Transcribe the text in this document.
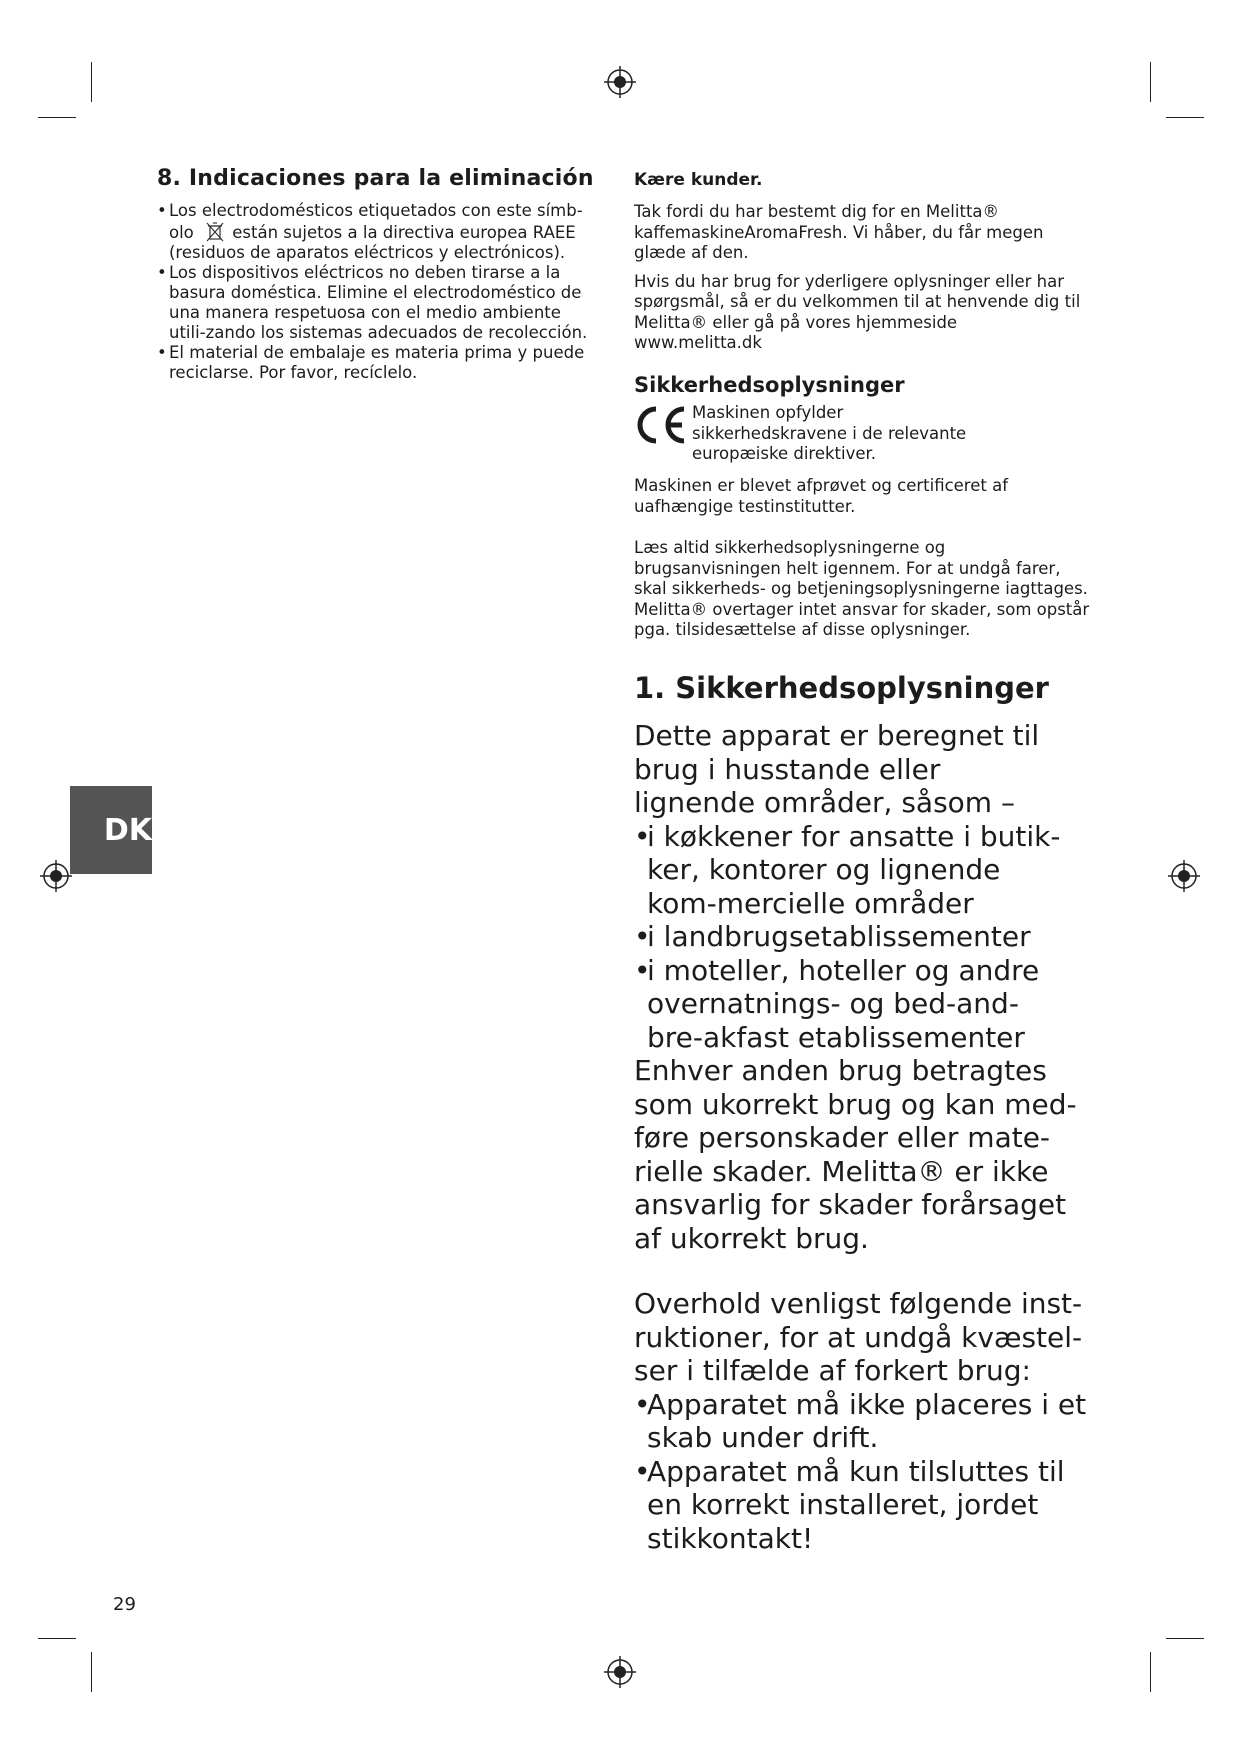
DK
8. Indicaciones para la eliminación
• Los electrodomésticos etiquetados con este símb-
olo están sujetos a la directiva europea RAEE
(residuos de aparatos eléctricos y electrónicos).
• Los dispositivos eléctricos no deben tirarse a la basura doméstica. Elimine el electrodoméstico de una manera respetuosa con el medio ambiente utili-zando los sistemas adecuados de recolección.
• El material de embalaje es materia prima y puede reciclarse. Por favor, recíclelo.

Kære kunder.

Tak fordi du har bestemt dig for en Melitta® kaffemaskineAromaFresh. Vi håber, du får megen glæde af den.

Hvis du har brug for yderligere oplysninger eller har spørgsmål, så er du velkommen til at henvende dig til Melitta® eller gå på vores hjemmeside www.melitta.dk

Sikkerhedsoplysninger

Maskinen opfylder sikkerhedskravene i de relevante europæiske direktiver.

Maskinen er blevet afprøvet og certificeret af uafhængige testinstitutter.

Læs altid sikkerhedsoplysningerne og brugsanvisningen helt igennem. For at undgå farer, skal sikkerheds- og betjeningsoplysningerne iagttages. Melitta® overtager intet ansvar for skader, som opstår pga. tilsidesættelse af disse oplysninger.

1. Sikkerhedsoplysninger

Dette apparat er beregnet til brug i husstande eller lignende områder, såsom –

• i køkkener for ansatte i butik-ker, kontorer og lignende kom-mercielle områder
• i landbrugsetablissementer
• i moteller, hoteller og andre overnatnings- og bed-and-bre-akfast etablissementer

Enhver anden brug betragtes som ukorrekt brug og kan med-føre personskader eller mate-rielle skader. Melitta® er ikke ansvarlig for skader forårsaget af ukorrekt brug.

Overhold venligst følgende inst-ruktioner, for at undgå kvæstel-ser i tilfælde af forkert brug:

• Apparatet må ikke placeres i et skab under drift.
• Apparatet må kun tilsluttes til en korrekt installeret, jordet stikkontakt!
29
